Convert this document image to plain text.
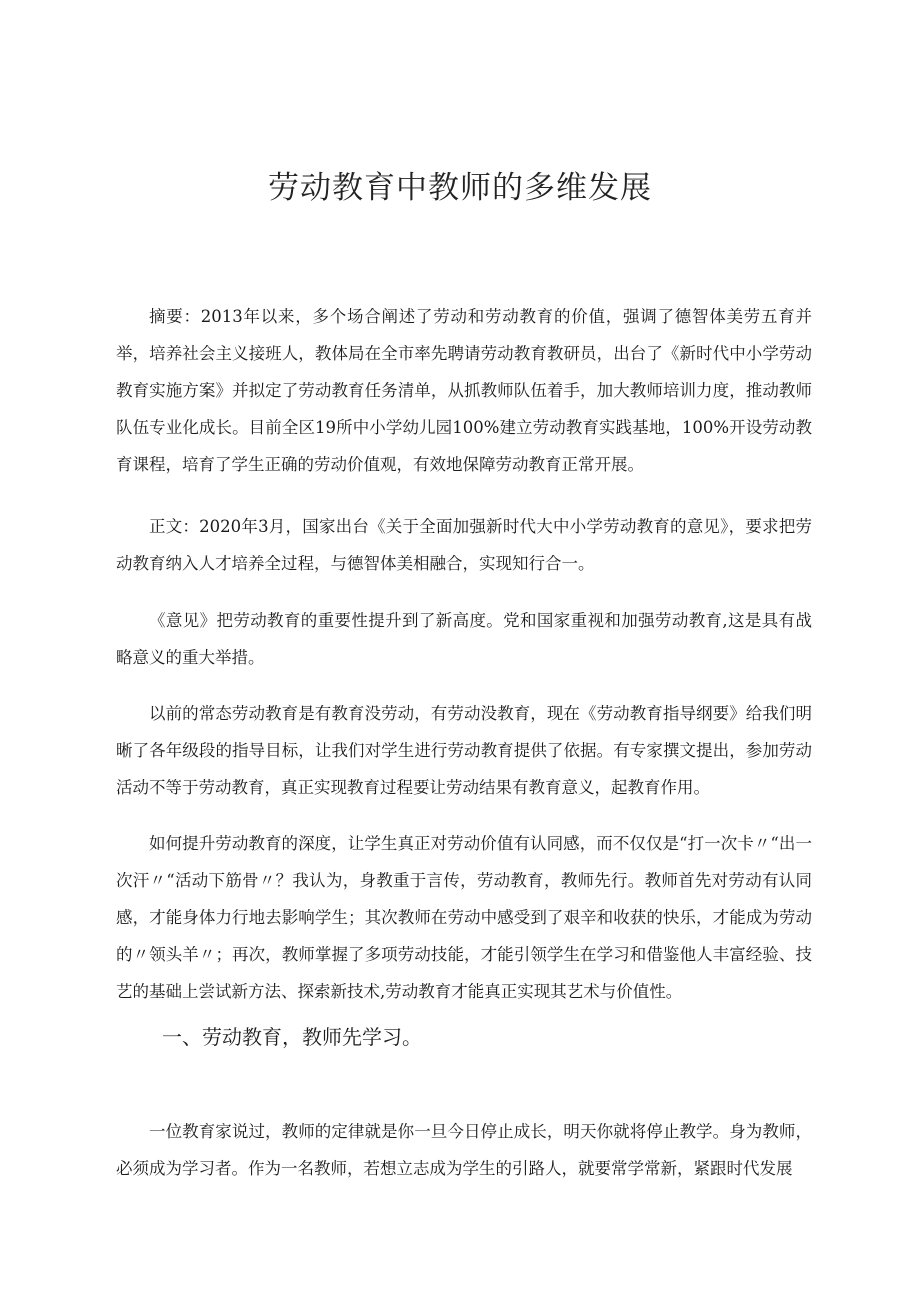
劳动教育中教师的多维发展

摘要：2013年以来，多个场合阐述了劳动和劳动教育的价值，强调了德智体美劳五育并举，培养社会主义接班人，教体局在全市率先聘请劳动教育教研员，出台了《新时代中小学劳动教育实施方案》并拟定了劳动教育任务清单，从抓教师队伍着手，加大教师培训力度，推动教师队伍专业化成长。目前全区19所中小学幼儿园100%建立劳动教育实践基地，100%开设劳动教育课程，培育了学生正确的劳动价值观，有效地保障劳动教育正常开展。

正文：2020年3月，国家出台《关于全面加强新时代大中小学劳动教育的意见》，要求把劳动教育纳入人才培养全过程，与德智体美相融合，实现知行合一。

《意见》把劳动教育的重要性提升到了新高度。党和国家重视和加强劳动教育,这是具有战略意义的重大举措。

以前的常态劳动教育是有教育没劳动，有劳动没教育，现在《劳动教育指导纲要》给我们明晰了各年级段的指导目标，让我们对学生进行劳动教育提供了依据。有专家撰文提出，参加劳动活动不等于劳动教育，真正实现教育过程要让劳动结果有教育意义，起教育作用。

如何提升劳动教育的深度，让学生真正对劳动价值有认同感，而不仅仅是“打一次卡〃“出一次汗〃“活动下筋骨〃？我认为，身教重于言传，劳动教育，教师先行。教师首先对劳动有认同感，才能身体力行地去影响学生；其次教师在劳动中感受到了艰辛和收获的快乐，才能成为劳动的〃领头羊〃；再次，教师掌握了多项劳动技能，才能引领学生在学习和借鉴他人丰富经验、技艺的基础上尝试新方法、探索新技术,劳动教育才能真正实现其艺术与价值性。

一、劳动教育，教师先学习。

一位教育家说过，教师的定律就是你一旦今日停止成长，明天你就将停止教学。身为教师，必须成为学习者。作为一名教师，若想立志成为学生的引路人，就要常学常新，紧跟时代发展
